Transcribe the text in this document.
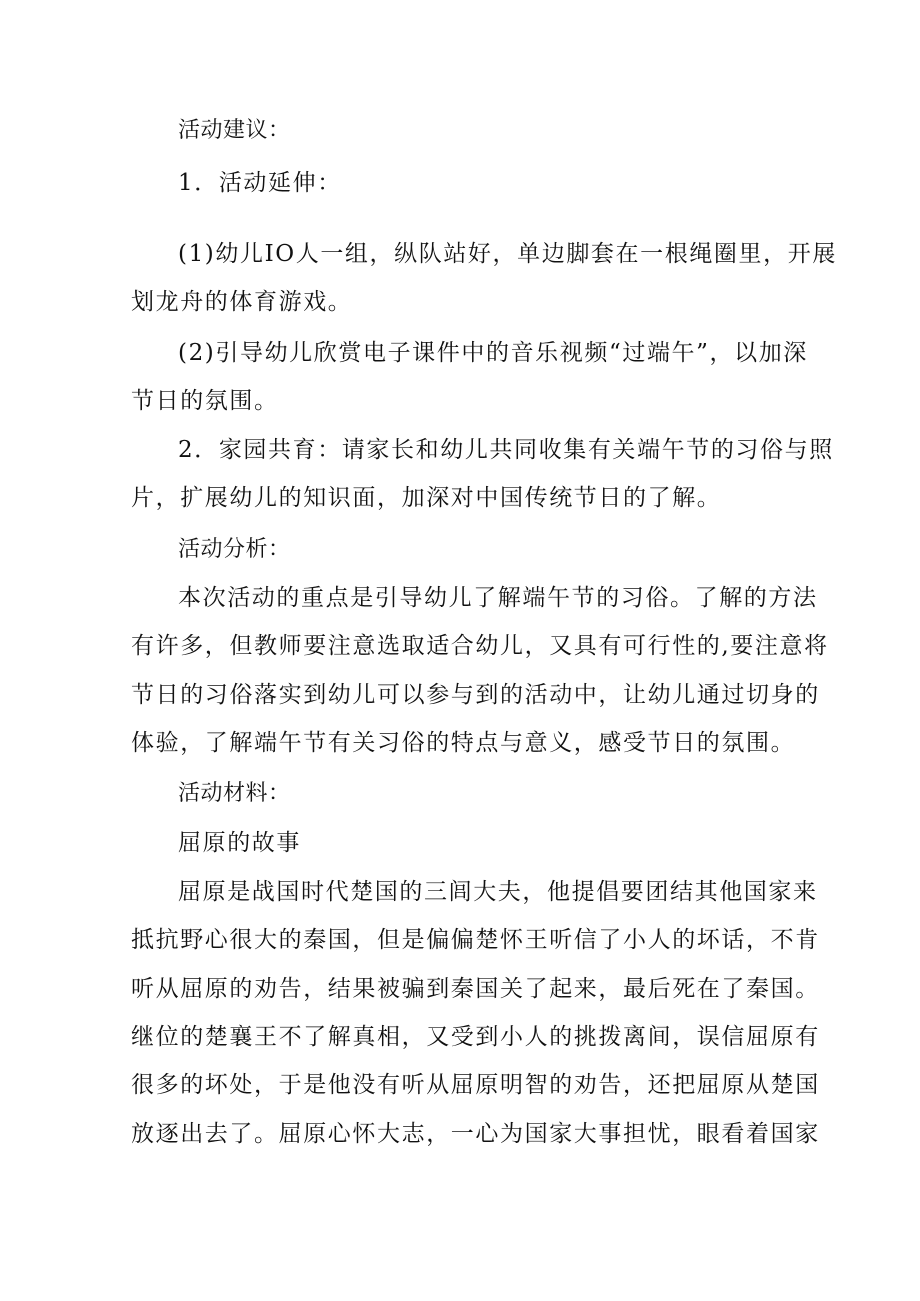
活动建议：
1．活动延伸：
(1)幼儿IO人一组，纵队站好，单边脚套在一根绳圈里，开展
划龙舟的体育游戏。
(2)引导幼儿欣赏电子课件中的音乐视频“过端午”，以加深
节日的氛围。
2．家园共育：请家长和幼儿共同收集有关端午节的习俗与照
片，扩展幼儿的知识面，加深对中国传统节日的了解。
活动分析：
本次活动的重点是引导幼儿了解端午节的习俗。了解的方法
有许多，但教师要注意选取适合幼儿，又具有可行性的,要注意将
节日的习俗落实到幼儿可以参与到的活动中，让幼儿通过切身的
体验，了解端午节有关习俗的特点与意义，感受节日的氛围。
活动材料：
屈原的故事
屈原是战国时代楚国的三闾大夫，他提倡要团结其他国家来
抵抗野心很大的秦国，但是偏偏楚怀王听信了小人的坏话，不肯
听从屈原的劝告，结果被骗到秦国关了起来，最后死在了秦国。
继位的楚襄王不了解真相，又受到小人的挑拨离间，误信屈原有
很多的坏处，于是他没有听从屈原明智的劝告，还把屈原从楚国
放逐出去了。屈原心怀大志，一心为国家大事担忧，眼看着国家
